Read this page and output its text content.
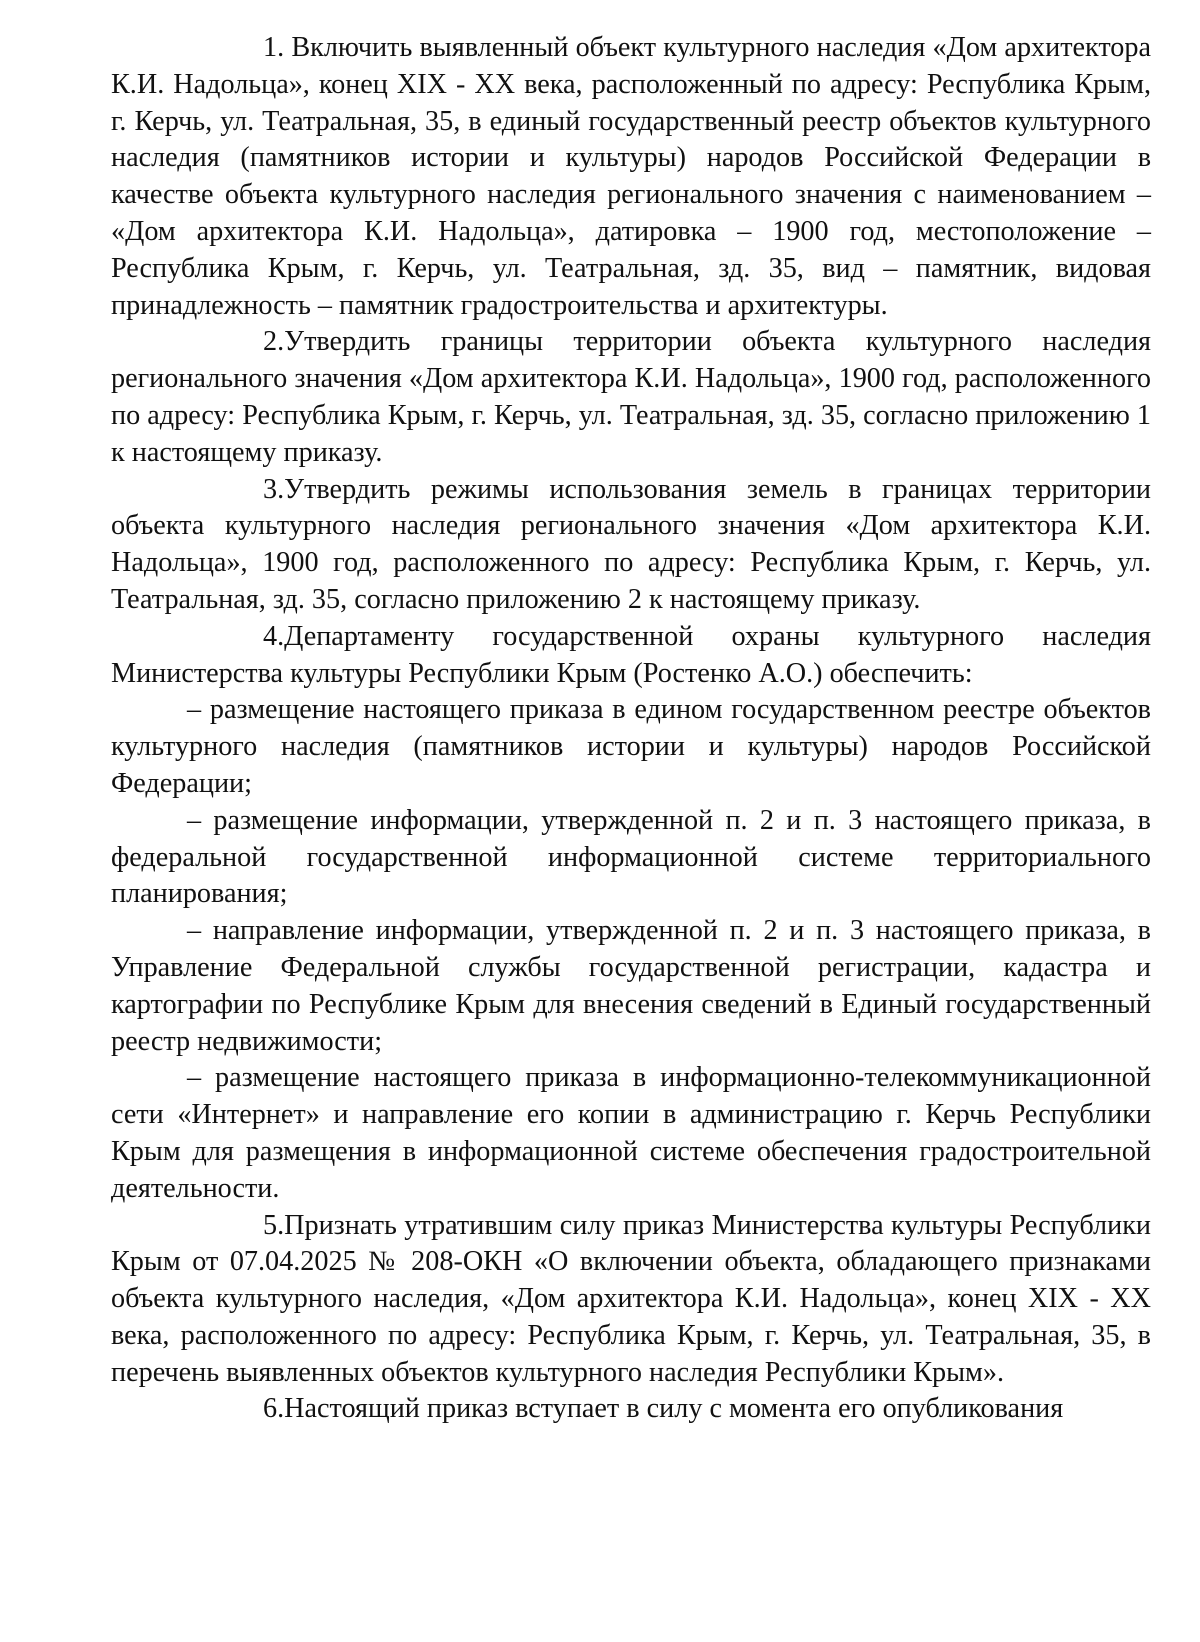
1. Включить выявленный объект культурного наследия «Дом архитектора К.И. Надольца», конец XIX - XX века, расположенный по адресу: Республика Крым, г. Керчь, ул. Театральная, 35, в единый государственный реестр объектов культурного наследия (памятников истории и культуры) народов Российской Федерации в качестве объекта культурного наследия регионального значения с наименованием – «Дом архитектора К.И. Надольца», датировка – 1900 год, местоположение – Республика Крым, г. Керчь, ул. Театральная, зд. 35, вид – памятник, видовая принадлежность – памятник градостроительства и архитектуры.

2.Утвердить границы территории объекта культурного наследия регионального значения «Дом архитектора К.И. Надольца», 1900 год, расположенного по адресу: Республика Крым, г. Керчь, ул. Театральная, зд. 35, согласно приложению 1 к настоящему приказу.

3.Утвердить режимы использования земель в границах территории объекта культурного наследия регионального значения «Дом архитектора К.И. Надольца», 1900 год, расположенного по адресу: Республика Крым, г. Керчь, ул. Театральная, зд. 35, согласно приложению 2 к настоящему приказу.

4.Департаменту государственной охраны культурного наследия Министерства культуры Республики Крым (Ростенко А.О.) обеспечить:

– размещение настоящего приказа в едином государственном реестре объектов культурного наследия (памятников истории и культуры) народов Российской Федерации;

– размещение информации, утвержденной п. 2 и п. 3 настоящего приказа, в федеральной государственной информационной системе территориального планирования;

– направление информации, утвержденной п. 2 и п. 3 настоящего приказа, в Управление Федеральной службы государственной регистрации, кадастра и картографии по Республике Крым для внесения сведений в Единый государственный реестр недвижимости;

– размещение настоящего приказа в информационно-телекоммуникационной сети «Интернет» и направление его копии в администрацию г. Керчь Республики Крым для размещения в информационной системе обеспечения градостроительной деятельности.

5.Признать утратившим силу приказ Министерства культуры Республики Крым от 07.04.2025 № 208-ОКН «О включении объекта, обладающего признаками объекта культурного наследия, «Дом архитектора К.И. Надольца», конец XIX - XX века, расположенного по адресу: Республика Крым, г. Керчь, ул. Театральная, 35, в перечень выявленных объектов культурного наследия Республики Крым».

6.Настоящий приказ вступает в силу с момента его опубликования
